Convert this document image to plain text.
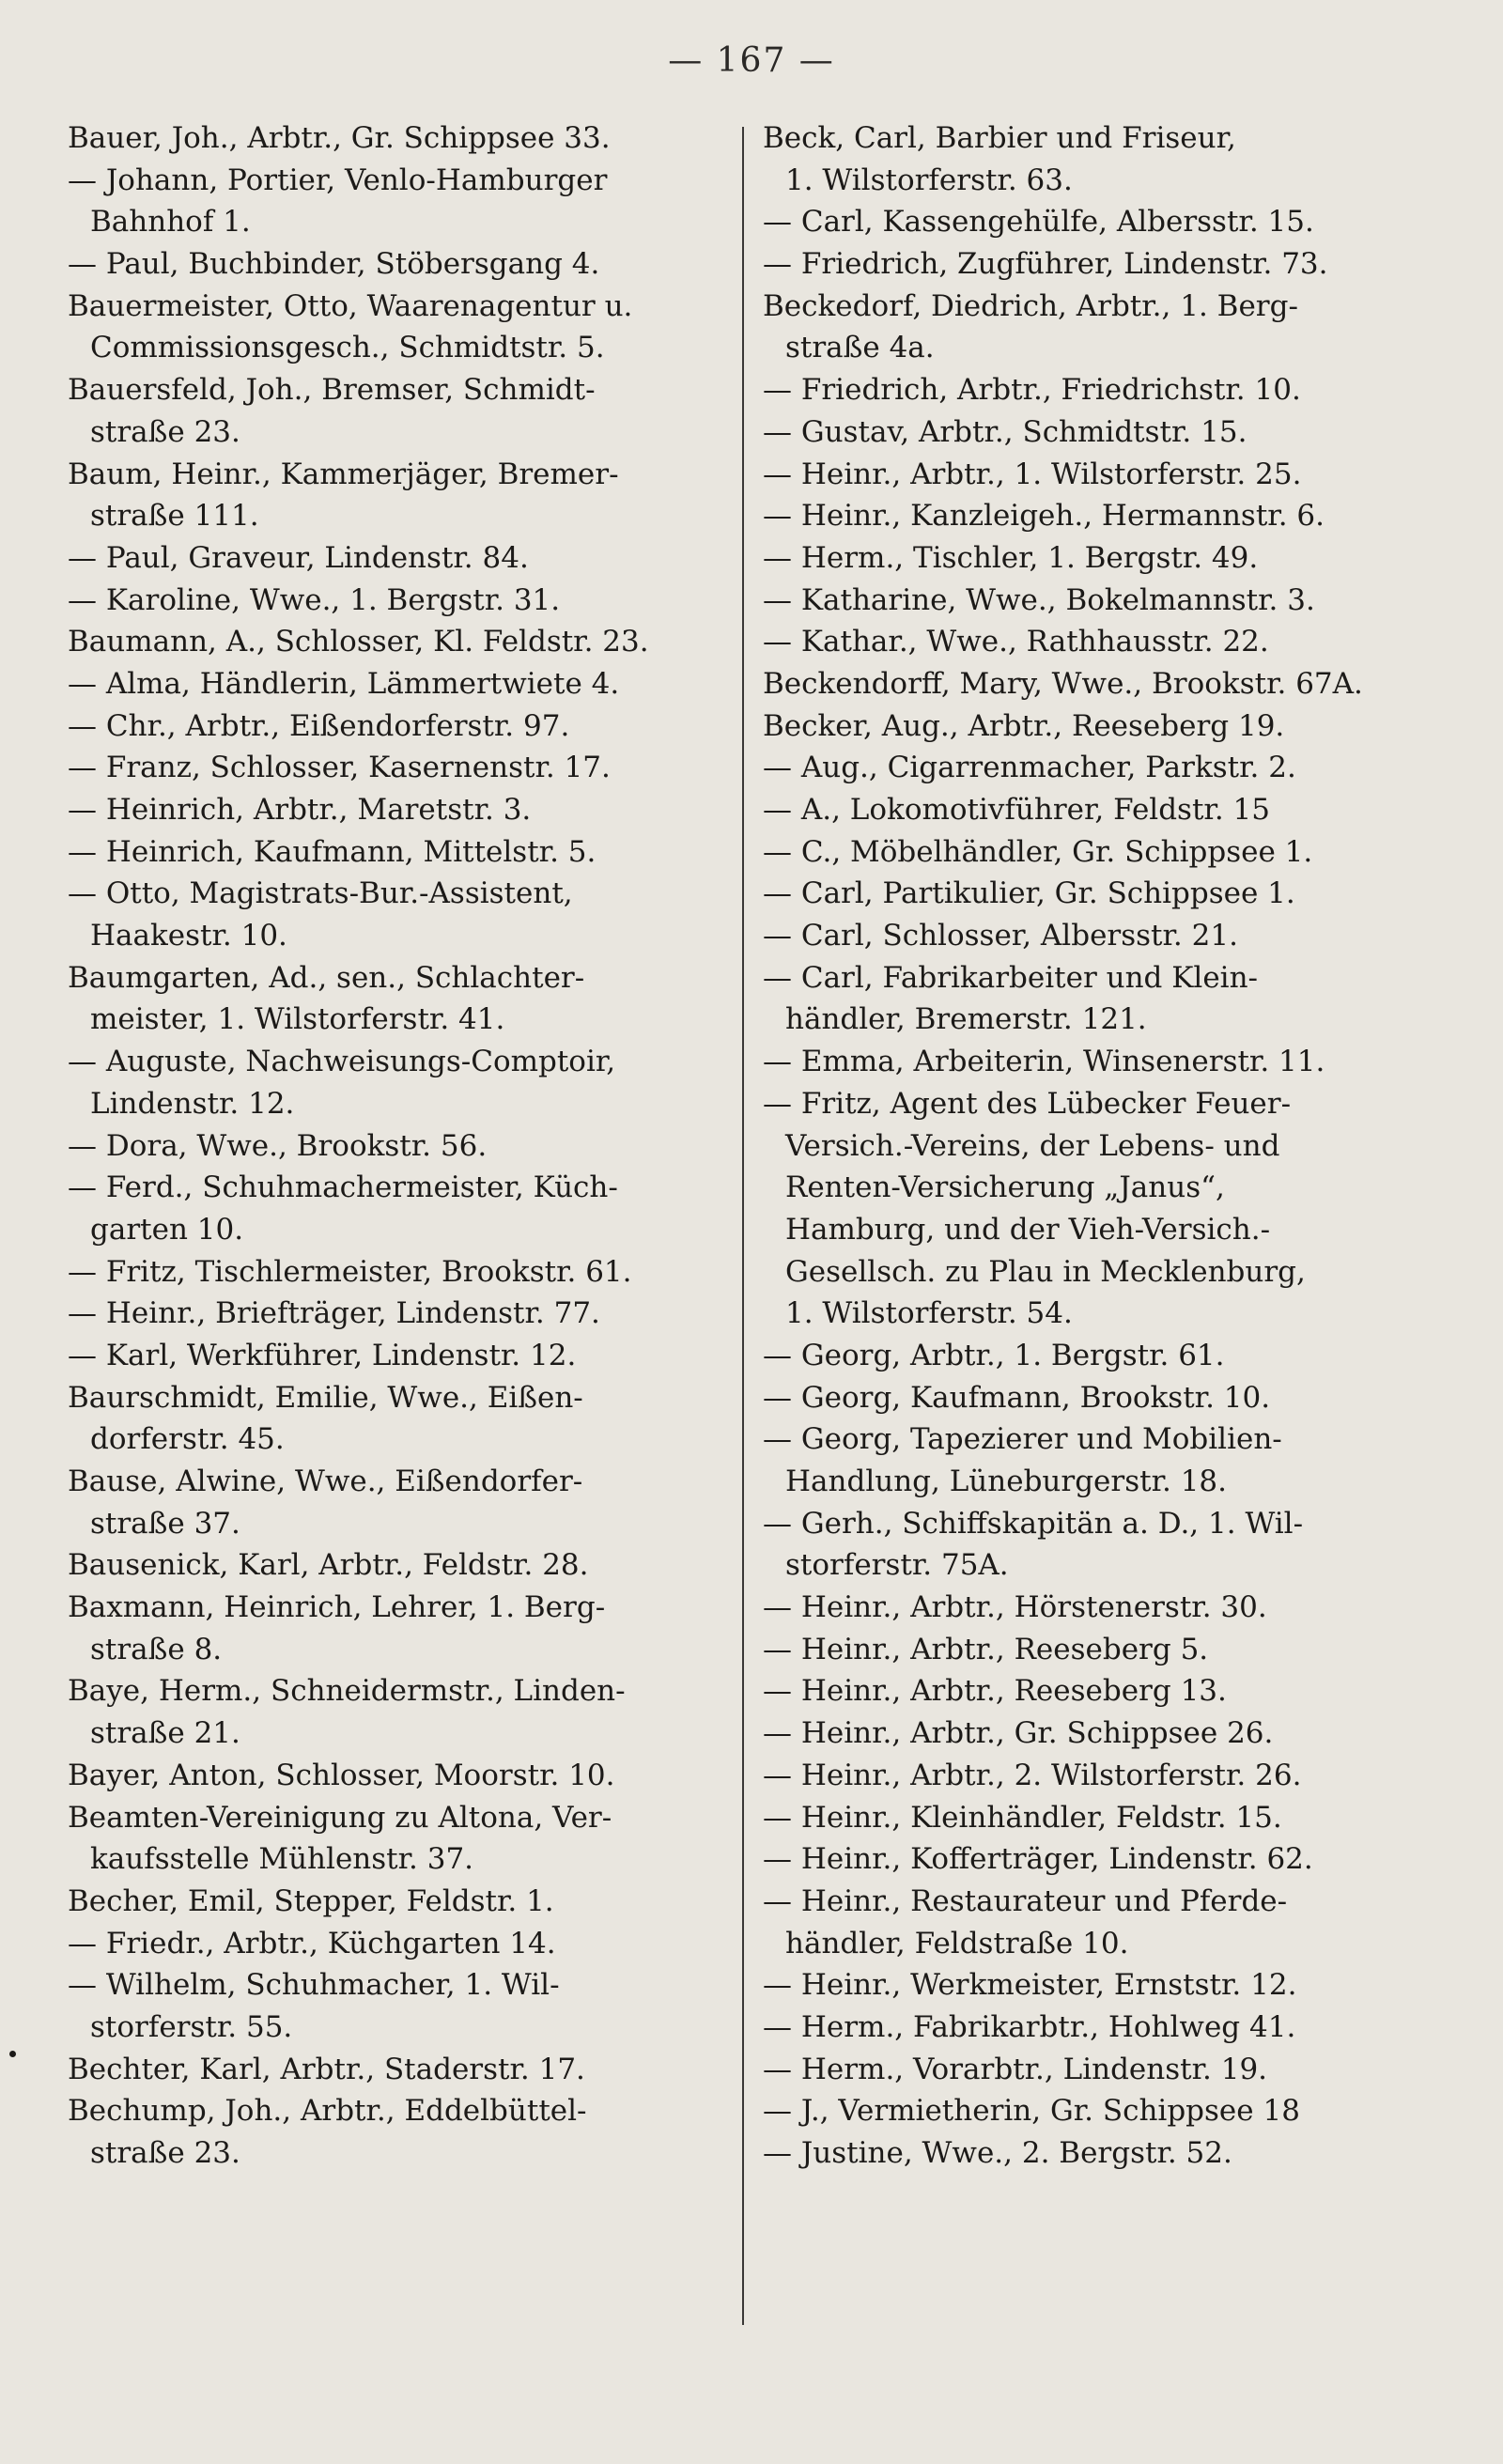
— 167 —
Bauer, Joh., Arbtr., Gr. Schippsee 33.
— Johann, Portier, Venlo-Hamburger
Bahnhof 1.
— Paul, Buchbinder, Stöbersgang 4.
Bauermeister, Otto, Waarenagentur u.
Commissionsgesch., Schmidtstr. 5.
Bauersfeld, Joh., Bremser, Schmidt-
straße 23.
Baum, Heinr., Kammerjäger, Bremer-
straße 111.
— Paul, Graveur, Lindenstr. 84.
— Karoline, Wwe., 1. Bergstr. 31.
Baumann, A., Schlosser, Kl. Feldstr. 23.
— Alma, Händlerin, Lämmertwiete 4.
— Chr., Arbtr., Eißendorferstr. 97.
— Franz, Schlosser, Kasernenstr. 17.
— Heinrich, Arbtr., Maretstr. 3.
— Heinrich, Kaufmann, Mittelstr. 5.
— Otto, Magistrats-Bur.-Assistent,
Haakestr. 10.
Baumgarten, Ad., sen., Schlachter-
meister, 1. Wilstorferstr. 41.
— Auguste, Nachweisungs-Comptoir,
Lindenstr. 12.
— Dora, Wwe., Brookstr. 56.
— Ferd., Schuhmachermeister, Küch-
garten 10.
— Fritz, Tischlermeister, Brookstr. 61.
— Heinr., Briefträger, Lindenstr. 77.
— Karl, Werkführer, Lindenstr. 12.
Baurschmidt, Emilie, Wwe., Eißen-
dorferstr. 45.
Bause, Alwine, Wwe., Eißendorfer-
straße 37.
Bausenick, Karl, Arbtr., Feldstr. 28.
Baxmann, Heinrich, Lehrer, 1. Berg-
straße 8.
Baye, Herm., Schneidermstr., Linden-
straße 21.
Bayer, Anton, Schlosser, Moorstr. 10.
Beamten-Vereinigung zu Altona, Ver-
kaufsstelle Mühlenstr. 37.
Becher, Emil, Stepper, Feldstr. 1.
— Friedr., Arbtr., Küchgarten 14.
— Wilhelm, Schuhmacher, 1. Wil-
storferstr. 55.
Bechter, Karl, Arbtr., Staderstr. 17.
Bechump, Joh., Arbtr., Eddelbüttel-
straße 23.
Beck, Carl, Barbier und Friseur,
1. Wilstorferstr. 63.
— Carl, Kassengehülfe, Albersstr. 15.
— Friedrich, Zugführer, Lindenstr. 73.
Beckedorf, Diedrich, Arbtr., 1. Berg-
straße 4a.
— Friedrich, Arbtr., Friedrichstr. 10.
— Gustav, Arbtr., Schmidtstr. 15.
— Heinr., Arbtr., 1. Wilstorferstr. 25.
— Heinr., Kanzleigeh., Hermannstr. 6.
— Herm., Tischler, 1. Bergstr. 49.
— Katharine, Wwe., Bokelmannstr. 3.
— Kathar., Wwe., Rathhausstr. 22.
Beckendorff, Mary, Wwe., Brookstr. 67A.
Becker, Aug., Arbtr., Reeseberg 19.
— Aug., Cigarrenmacher, Parkstr. 2.
— A., Lokomotivführer, Feldstr. 15
— C., Möbelhändler, Gr. Schippsee 1.
— Carl, Partikulier, Gr. Schippsee 1.
— Carl, Schlosser, Albersstr. 21.
— Carl, Fabrikarbeiter und Klein-
händler, Bremerstr. 121.
— Emma, Arbeiterin, Winsenerstr. 11.
— Fritz, Agent des Lübecker Feuer-
Versich.-Vereins, der Lebens- und
Renten-Versicherung „Janus“,
Hamburg, und der Vieh-Versich.-
Gesellsch. zu Plau in Mecklenburg,
1. Wilstorferstr. 54.
— Georg, Arbtr., 1. Bergstr. 61.
— Georg, Kaufmann, Brookstr. 10.
— Georg, Tapezierer und Mobilien-
Handlung, Lüneburgerstr. 18.
— Gerh., Schiffskapitän a. D., 1. Wil-
storferstr. 75A.
— Heinr., Arbtr., Hörstenerstr. 30.
— Heinr., Arbtr., Reeseberg 5.
— Heinr., Arbtr., Reeseberg 13.
— Heinr., Arbtr., Gr. Schippsee 26.
— Heinr., Arbtr., 2. Wilstorferstr. 26.
— Heinr., Kleinhändler, Feldstr. 15.
— Heinr., Kofferträger, Lindenstr. 62.
— Heinr., Restaurateur und Pferde-
händler, Feldstraße 10.
— Heinr., Werkmeister, Ernststr. 12.
— Herm., Fabrikarbtr., Hohlweg 41.
— Herm., Vorarbtr., Lindenstr. 19.
— J., Vermietherin, Gr. Schippsee 18
— Justine, Wwe., 2. Bergstr. 52.
